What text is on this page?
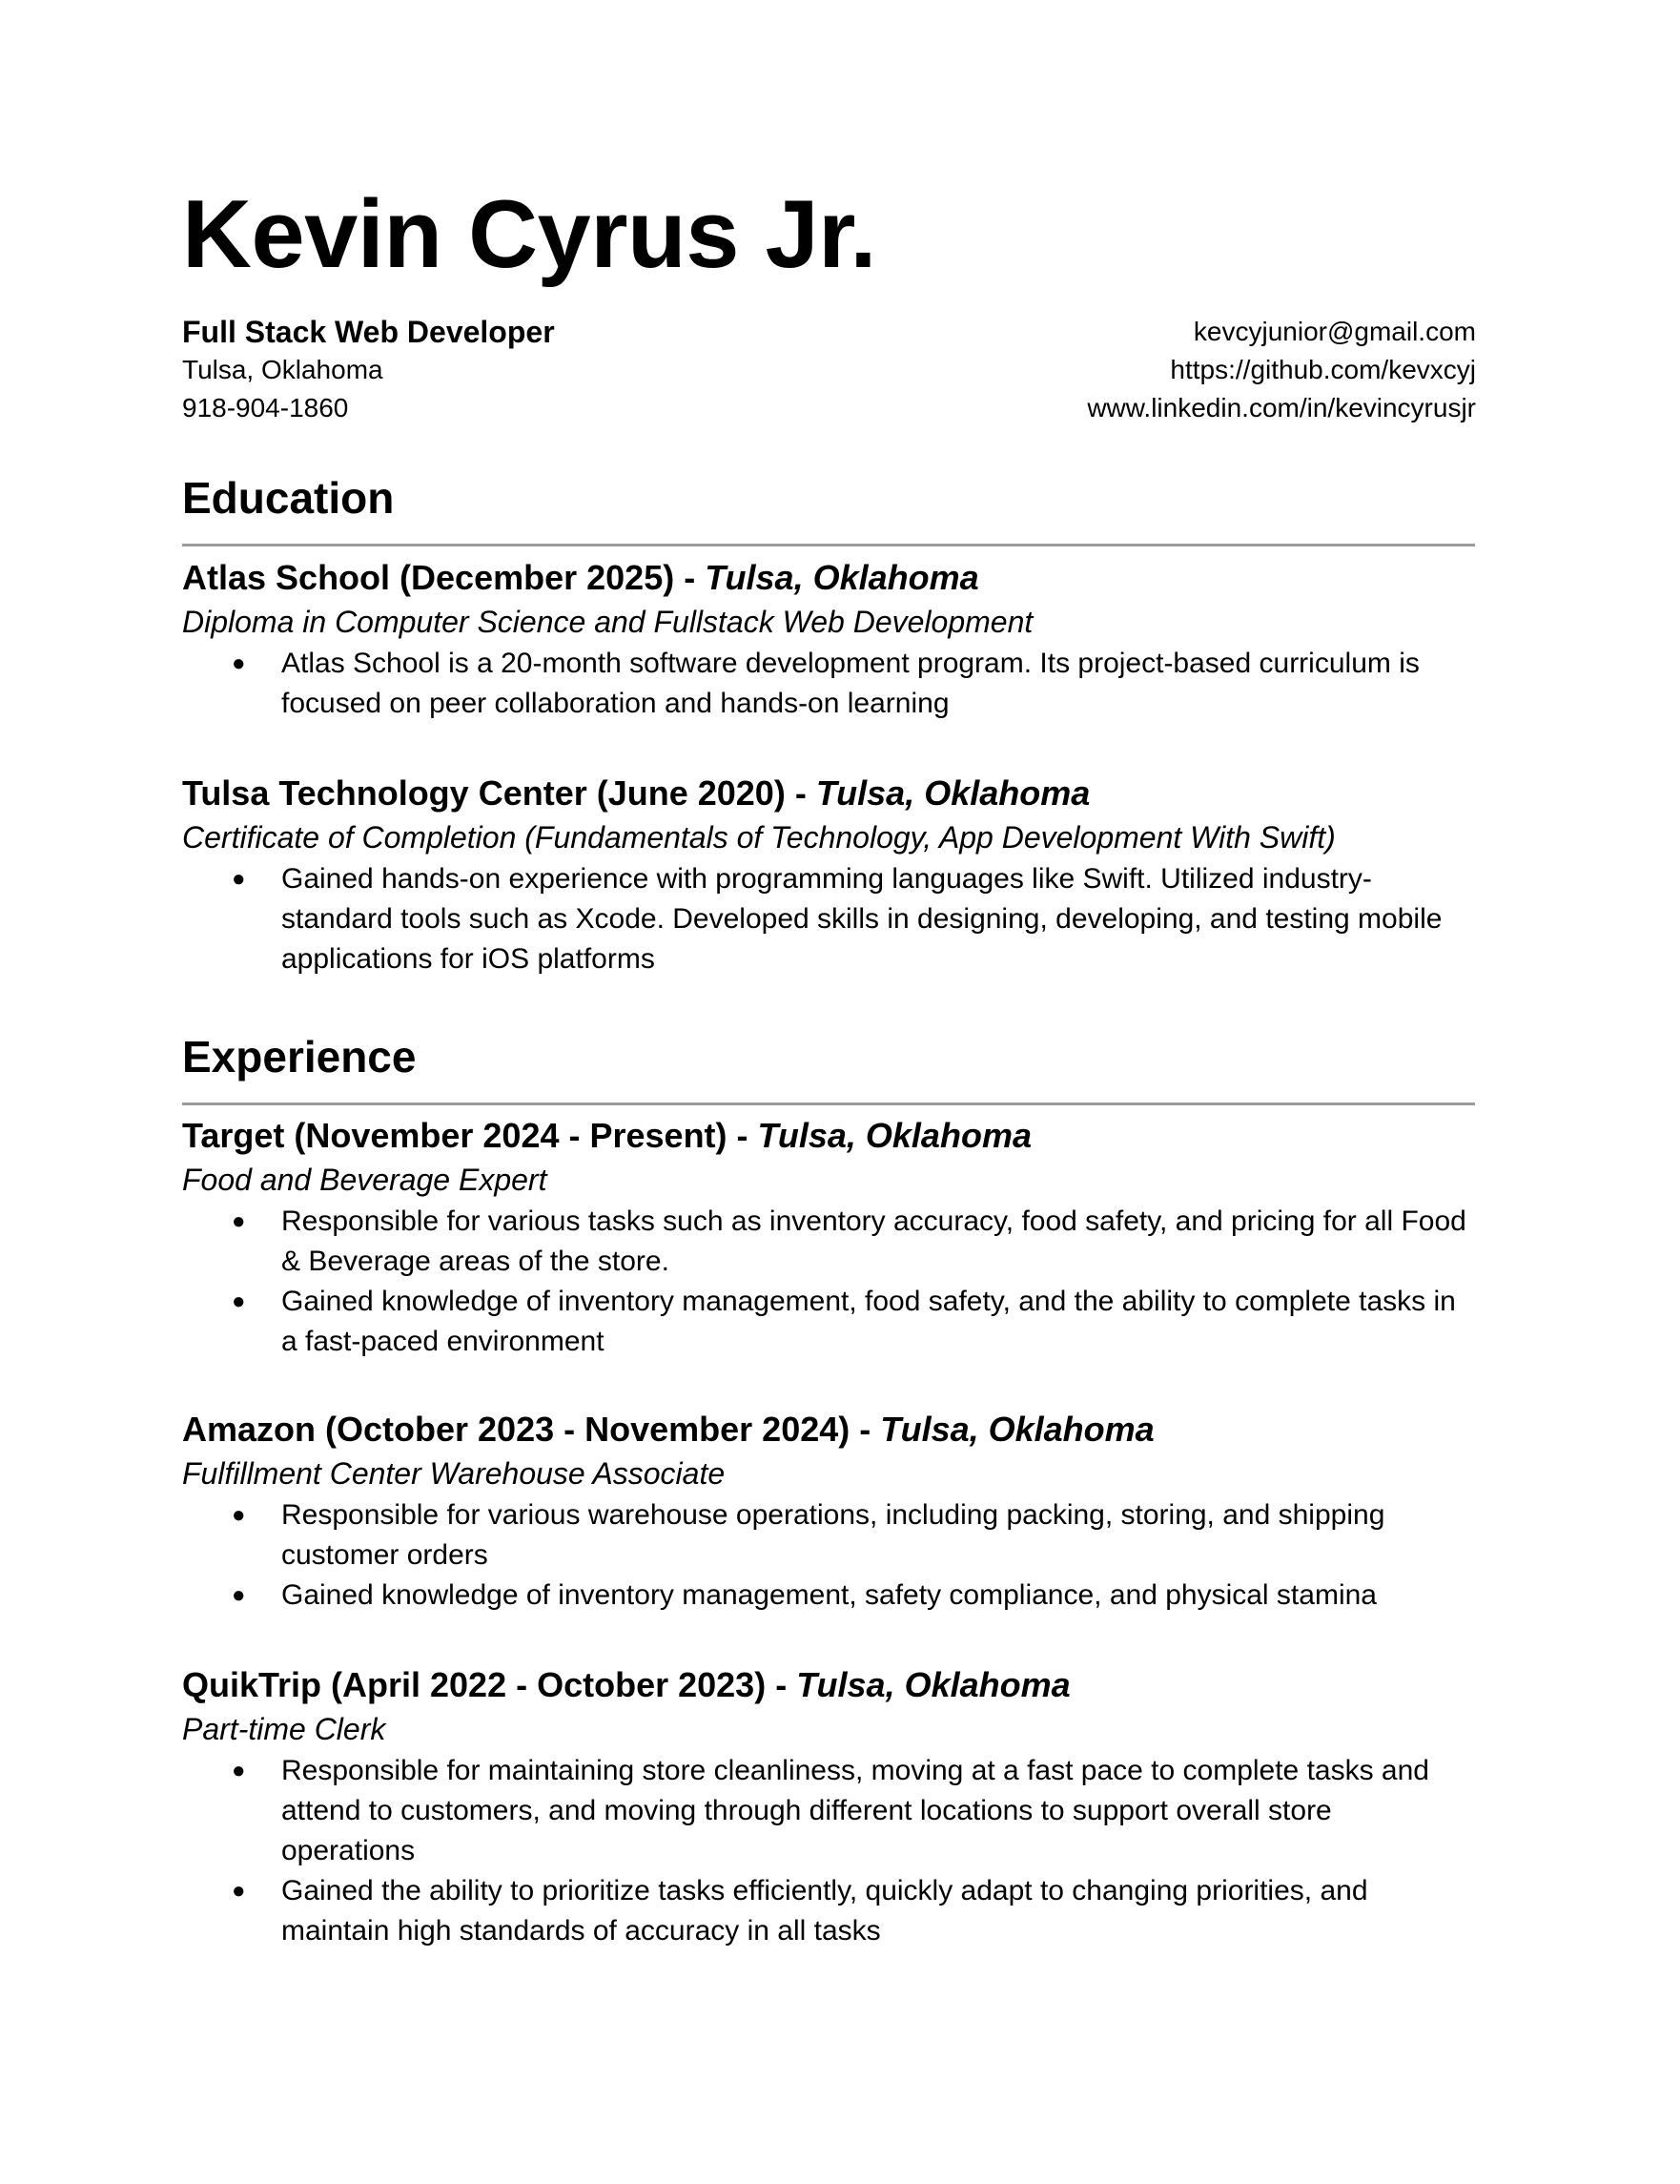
Kevin Cyrus Jr.
Full Stack Web Developer
Tulsa, Oklahoma
918-904-1860
kevcyjunior@gmail.com
https://github.com/kevxcyj
www.linkedin.com/in/kevincyrusjr
Education
Atlas School (December 2025) - Tulsa, Oklahoma
Diploma in Computer Science and Fullstack Web Development
● Atlas School is a 20-month software development program. Its project-based curriculum is focused on peer collaboration and hands-on learning
Tulsa Technology Center (June 2020) - Tulsa, Oklahoma
Certificate of Completion (Fundamentals of Technology, App Development With Swift)
● Gained hands-on experience with programming languages like Swift. Utilized industry-standard tools such as Xcode. Developed skills in designing, developing, and testing mobile applications for iOS platforms
Experience
Target (November 2024 - Present) - Tulsa, Oklahoma
Food and Beverage Expert
● Responsible for various tasks such as inventory accuracy, food safety, and pricing for all Food & Beverage areas of the store.
● Gained knowledge of inventory management, food safety, and the ability to complete tasks in a fast-paced environment
Amazon (October 2023 - November 2024) - Tulsa, Oklahoma
Fulfillment Center Warehouse Associate
● Responsible for various warehouse operations, including packing, storing, and shipping customer orders
● Gained knowledge of inventory management, safety compliance, and physical stamina
QuikTrip (April 2022 - October 2023) - Tulsa, Oklahoma
Part-time Clerk
● Responsible for maintaining store cleanliness, moving at a fast pace to complete tasks and attend to customers, and moving through different locations to support overall store operations
● Gained the ability to prioritize tasks efficiently, quickly adapt to changing priorities, and maintain high standards of accuracy in all tasks
